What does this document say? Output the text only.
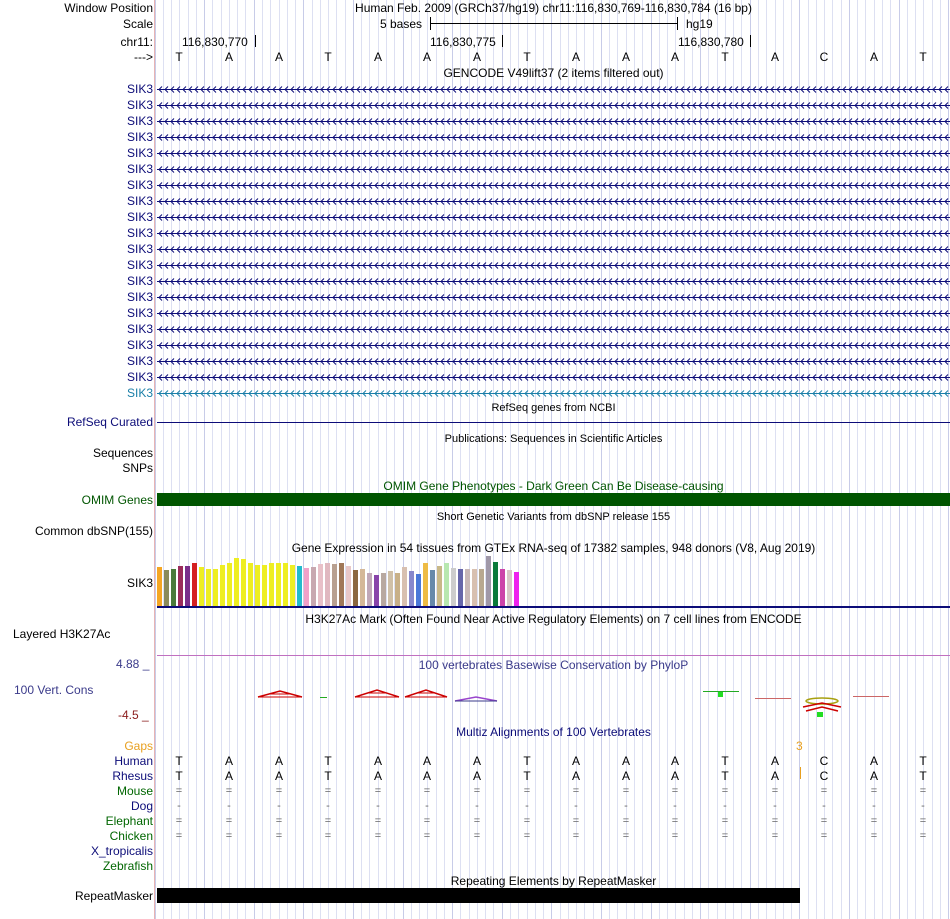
Window Position	Human Feb. 2009 (GRCh37/hg19) chr11:116,830,769-116,830,784 (16 bp)
Scale	5 bases	hg19
chr11: 116,830,770	116,830,775	116,830,780
--->	T	A	A	T	A	A	A	T	A	A	A	T	A	C	A	T
GENCODE V49lift37 (2 items filtered out)
SIK3
SIK3
SIK3
SIK3
SIK3
SIK3
SIK3
SIK3
SIK3
SIK3
SIK3
SIK3
SIK3
SIK3
SIK3
SIK3
SIK3
SIK3
SIK3
SIK3
RefSeq genes from NCBI
RefSeq Curated
Publications: Sequences in Scientific Articles
Sequences
SNPs
OMIM Gene Phenotypes - Dark Green Can Be Disease-causing
OMIM Genes
Short Genetic Variants from dbSNP release 155
Common dbSNP(155)
Gene Expression in 54 tissues from GTEx RNA-seq of 17382 samples, 948 donors (V8, Aug 2019)
SIK3
H3K27Ac Mark (Often Found Near Active Regulatory Elements) on 7 cell lines from ENCODE
Layered H3K27Ac
100 vertebrates Basewise Conservation by PhyloP
4.88 _
100 Vert. Cons
-4.5 _
Multiz Alignments of 100 Vertebrates
Gaps	3
Human	T	A	A	T	A	A	A	T	A	A	A	T	A	C	A	T
Rhesus	T	A	A	T	A	A	A	T	A	A	A	T	A	C	A	T
Mouse	=	=	=	=	=	=	=	=	=	=	=	=	=	=	=	=
Dog	-	-	-	-	-	-	-	-	-	-	-	-	-	-	-	-
Elephant	=	=	=	=	=	=	=	=	=	=	=	=	=	=	=	=
Chicken	=	=	=	=	=	=	=	=	=	=	=	=	=	=	=	=
X_tropicalis
Zebrafish
Repeating Elements by RepeatMasker
RepeatMasker
